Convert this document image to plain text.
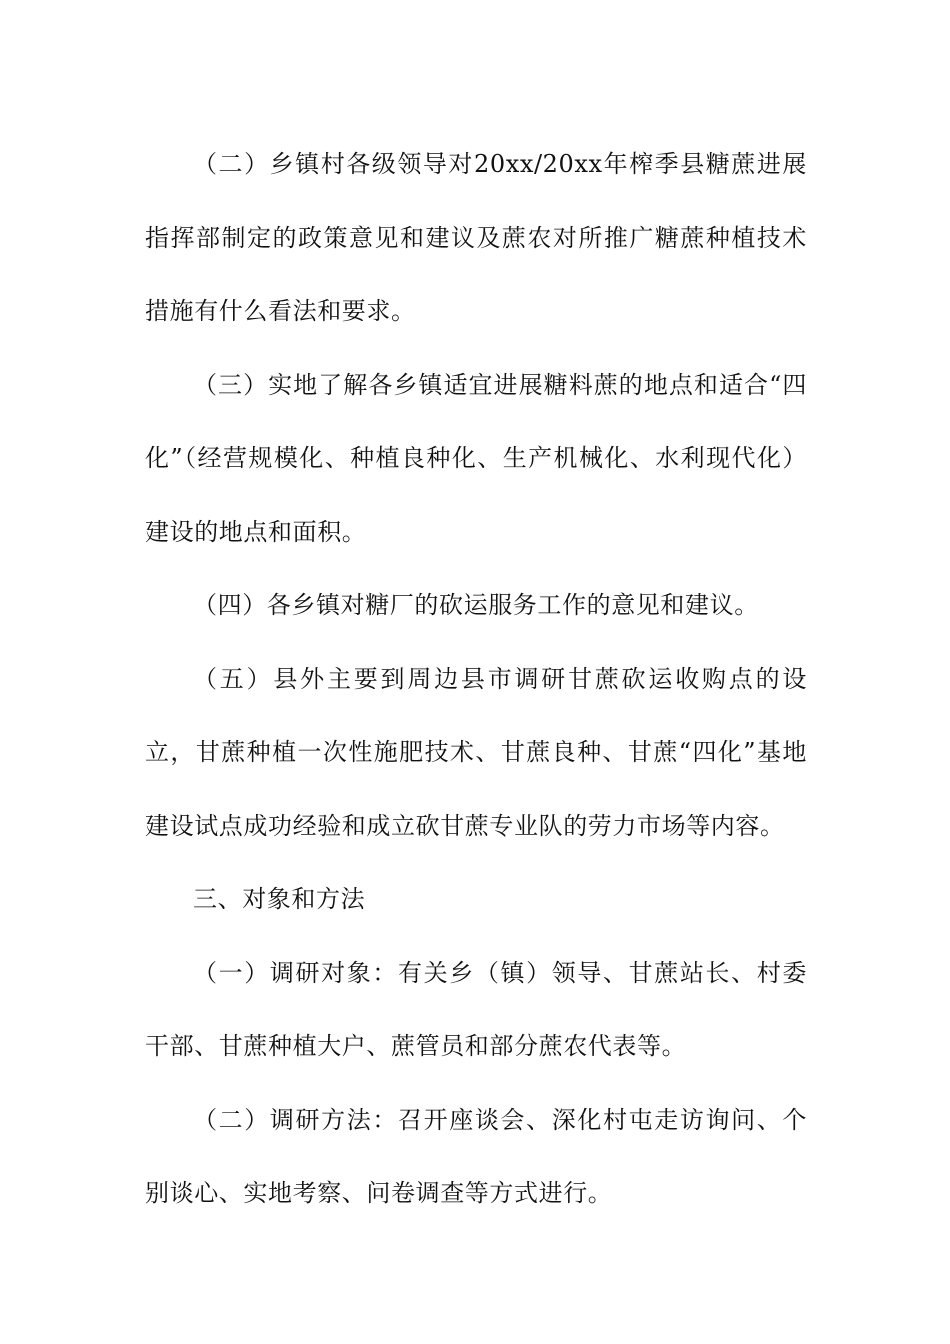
（二）乡镇村各级领导对20xx/20xx年榨季县糖蔗进展指挥部制定的政策意见和建议及蔗农对所推广糖蔗种植技术措施有什么看法和要求。

（三）实地了解各乡镇适宜进展糖料蔗的地点和适合“四化”（经营规模化、种植良种化、生产机械化、水利现代化）建设的地点和面积。

（四）各乡镇对糖厂的砍运服务工作的意见和建议。

（五）县外主要到周边县市调研甘蔗砍运收购点的设立，甘蔗种植一次性施肥技术、甘蔗良种、甘蔗“四化”基地建设试点成功经验和成立砍甘蔗专业队的劳力市场等内容。

三、对象和方法

（一）调研对象：有关乡（镇）领导、甘蔗站长、村委干部、甘蔗种植大户、蔗管员和部分蔗农代表等。

（二）调研方法：召开座谈会、深化村屯走访询问、个别谈心、实地考察、问卷调查等方式进行。
